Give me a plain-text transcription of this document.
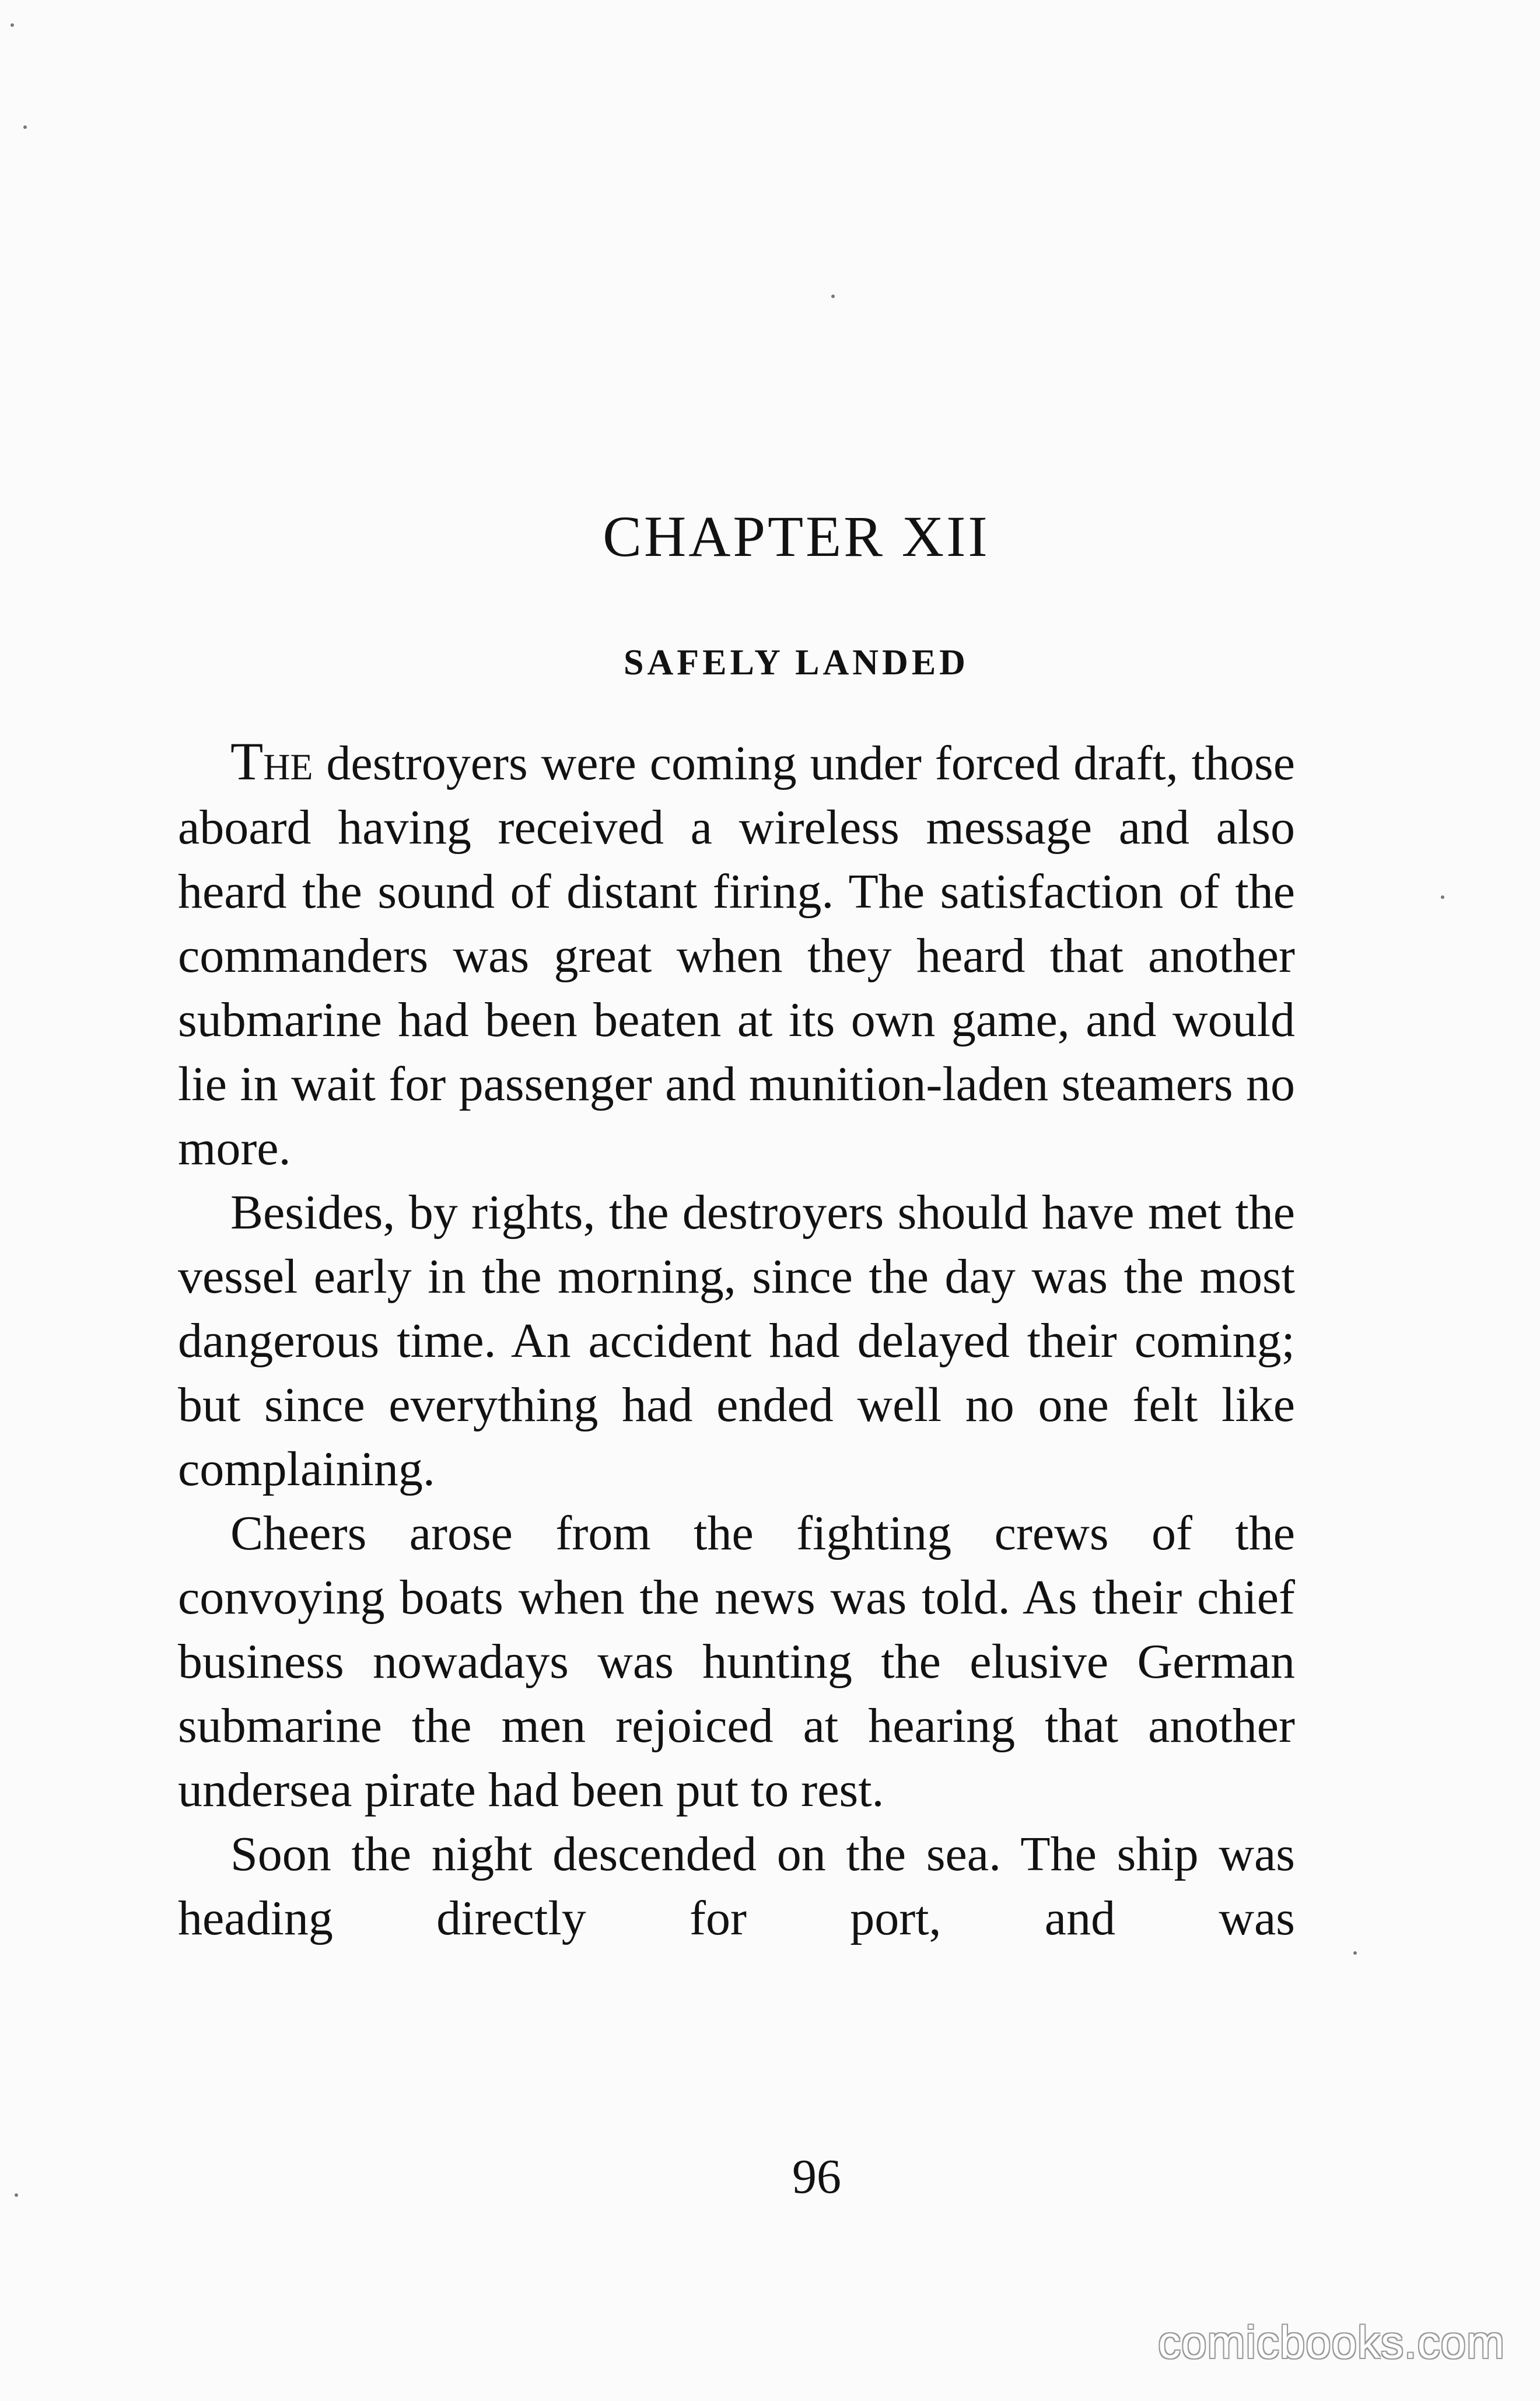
CHAPTER XII
SAFELY LANDED

The destroyers were coming under forced draft, those aboard having received a wireless message and also heard the sound of distant firing. The satisfaction of the commanders was great when they heard that another submarine had been beaten at its own game, and would lie in wait for passenger and munition-laden steamers no more.

Besides, by rights, the destroyers should have met the vessel early in the morning, since the day was the most dangerous time. An accident had delayed their coming; but since everything had ended well no one felt like complaining.

Cheers arose from the fighting crews of the convoying boats when the news was told. As their chief business nowadays was hunting the elusive German submarine the men rejoiced at hearing that another undersea pirate had been put to rest.

Soon the night descended on the sea. The ship was heading directly for port, and was

96
comicbooks.com
